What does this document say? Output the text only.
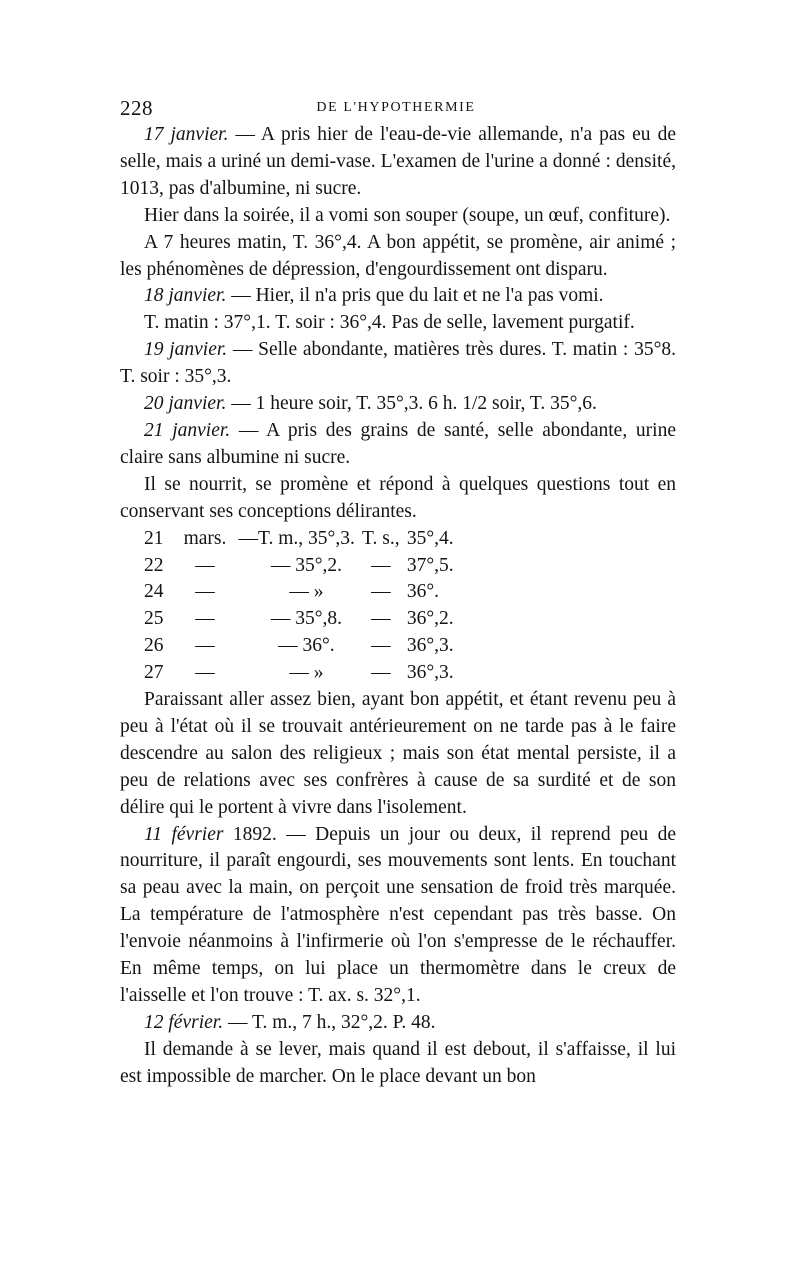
228	DE L'HYPOTHERMIE

17 janvier. — A pris hier de l'eau-de-vie allemande, n'a pas eu de selle, mais a uriné un demi-vase. L'examen de l'urine a donné : densité, 1013, pas d'albumine, ni sucre.

Hier dans la soirée, il a vomi son souper (soupe, un œuf, confiture).

A 7 heures matin, T. 36°,4. A bon appétit, se promène, air animé ; les phénomènes de dépression, d'engourdissement ont disparu.

18 janvier. — Hier, il n'a pris que du lait et ne l'a pas vomi.

T. matin : 37°,1. T. soir : 36°,4. Pas de selle, lavement purgatif.

19 janvier. — Selle abondante, matières très dures. T. matin : 35°8. T. soir : 35°,3.

20 janvier. — 1 heure soir, T. 35°,3. 6 h. 1/2 soir, T. 35°,6.

21 janvier. — A pris des grains de santé, selle abondante, urine claire sans albumine ni sucre.

Il se nourrit, se promène et répond à quelques questions tout en conservant ses conceptions délirantes.

21	mars.	—	T. m., 35°,3.	T. s.,	35°,4.
22	—		— 35°,2.	—	37°,5.
24	—		— »	—	36°.
25	—		— 35°,8.	—	36°,2.
26	—		— 36°.	—	36°,3.
27	—		— »	—	36°,3.

Paraissant aller assez bien, ayant bon appétit, et étant revenu peu à peu à l'état où il se trouvait antérieurement on ne tarde pas à le faire descendre au salon des religieux ; mais son état mental persiste, il a peu de relations avec ses confrères à cause de sa surdité et de son délire qui le portent à vivre dans l'isolement.

11 février 1892. — Depuis un jour ou deux, il reprend peu de nourriture, il paraît engourdi, ses mouvements sont lents. En touchant sa peau avec la main, on perçoit une sensation de froid très marquée. La température de l'atmosphère n'est cependant pas très basse. On l'envoie néanmoins à l'infirmerie où l'on s'empresse de le réchauffer. En même temps, on lui place un thermomètre dans le creux de l'aisselle et l'on trouve : T. ax. s. 32°,1.

12 février. — T. m., 7 h., 32°,2. P. 48.

Il demande à se lever, mais quand il est debout, il s'affaisse, il lui est impossible de marcher. On le place devant un bon
